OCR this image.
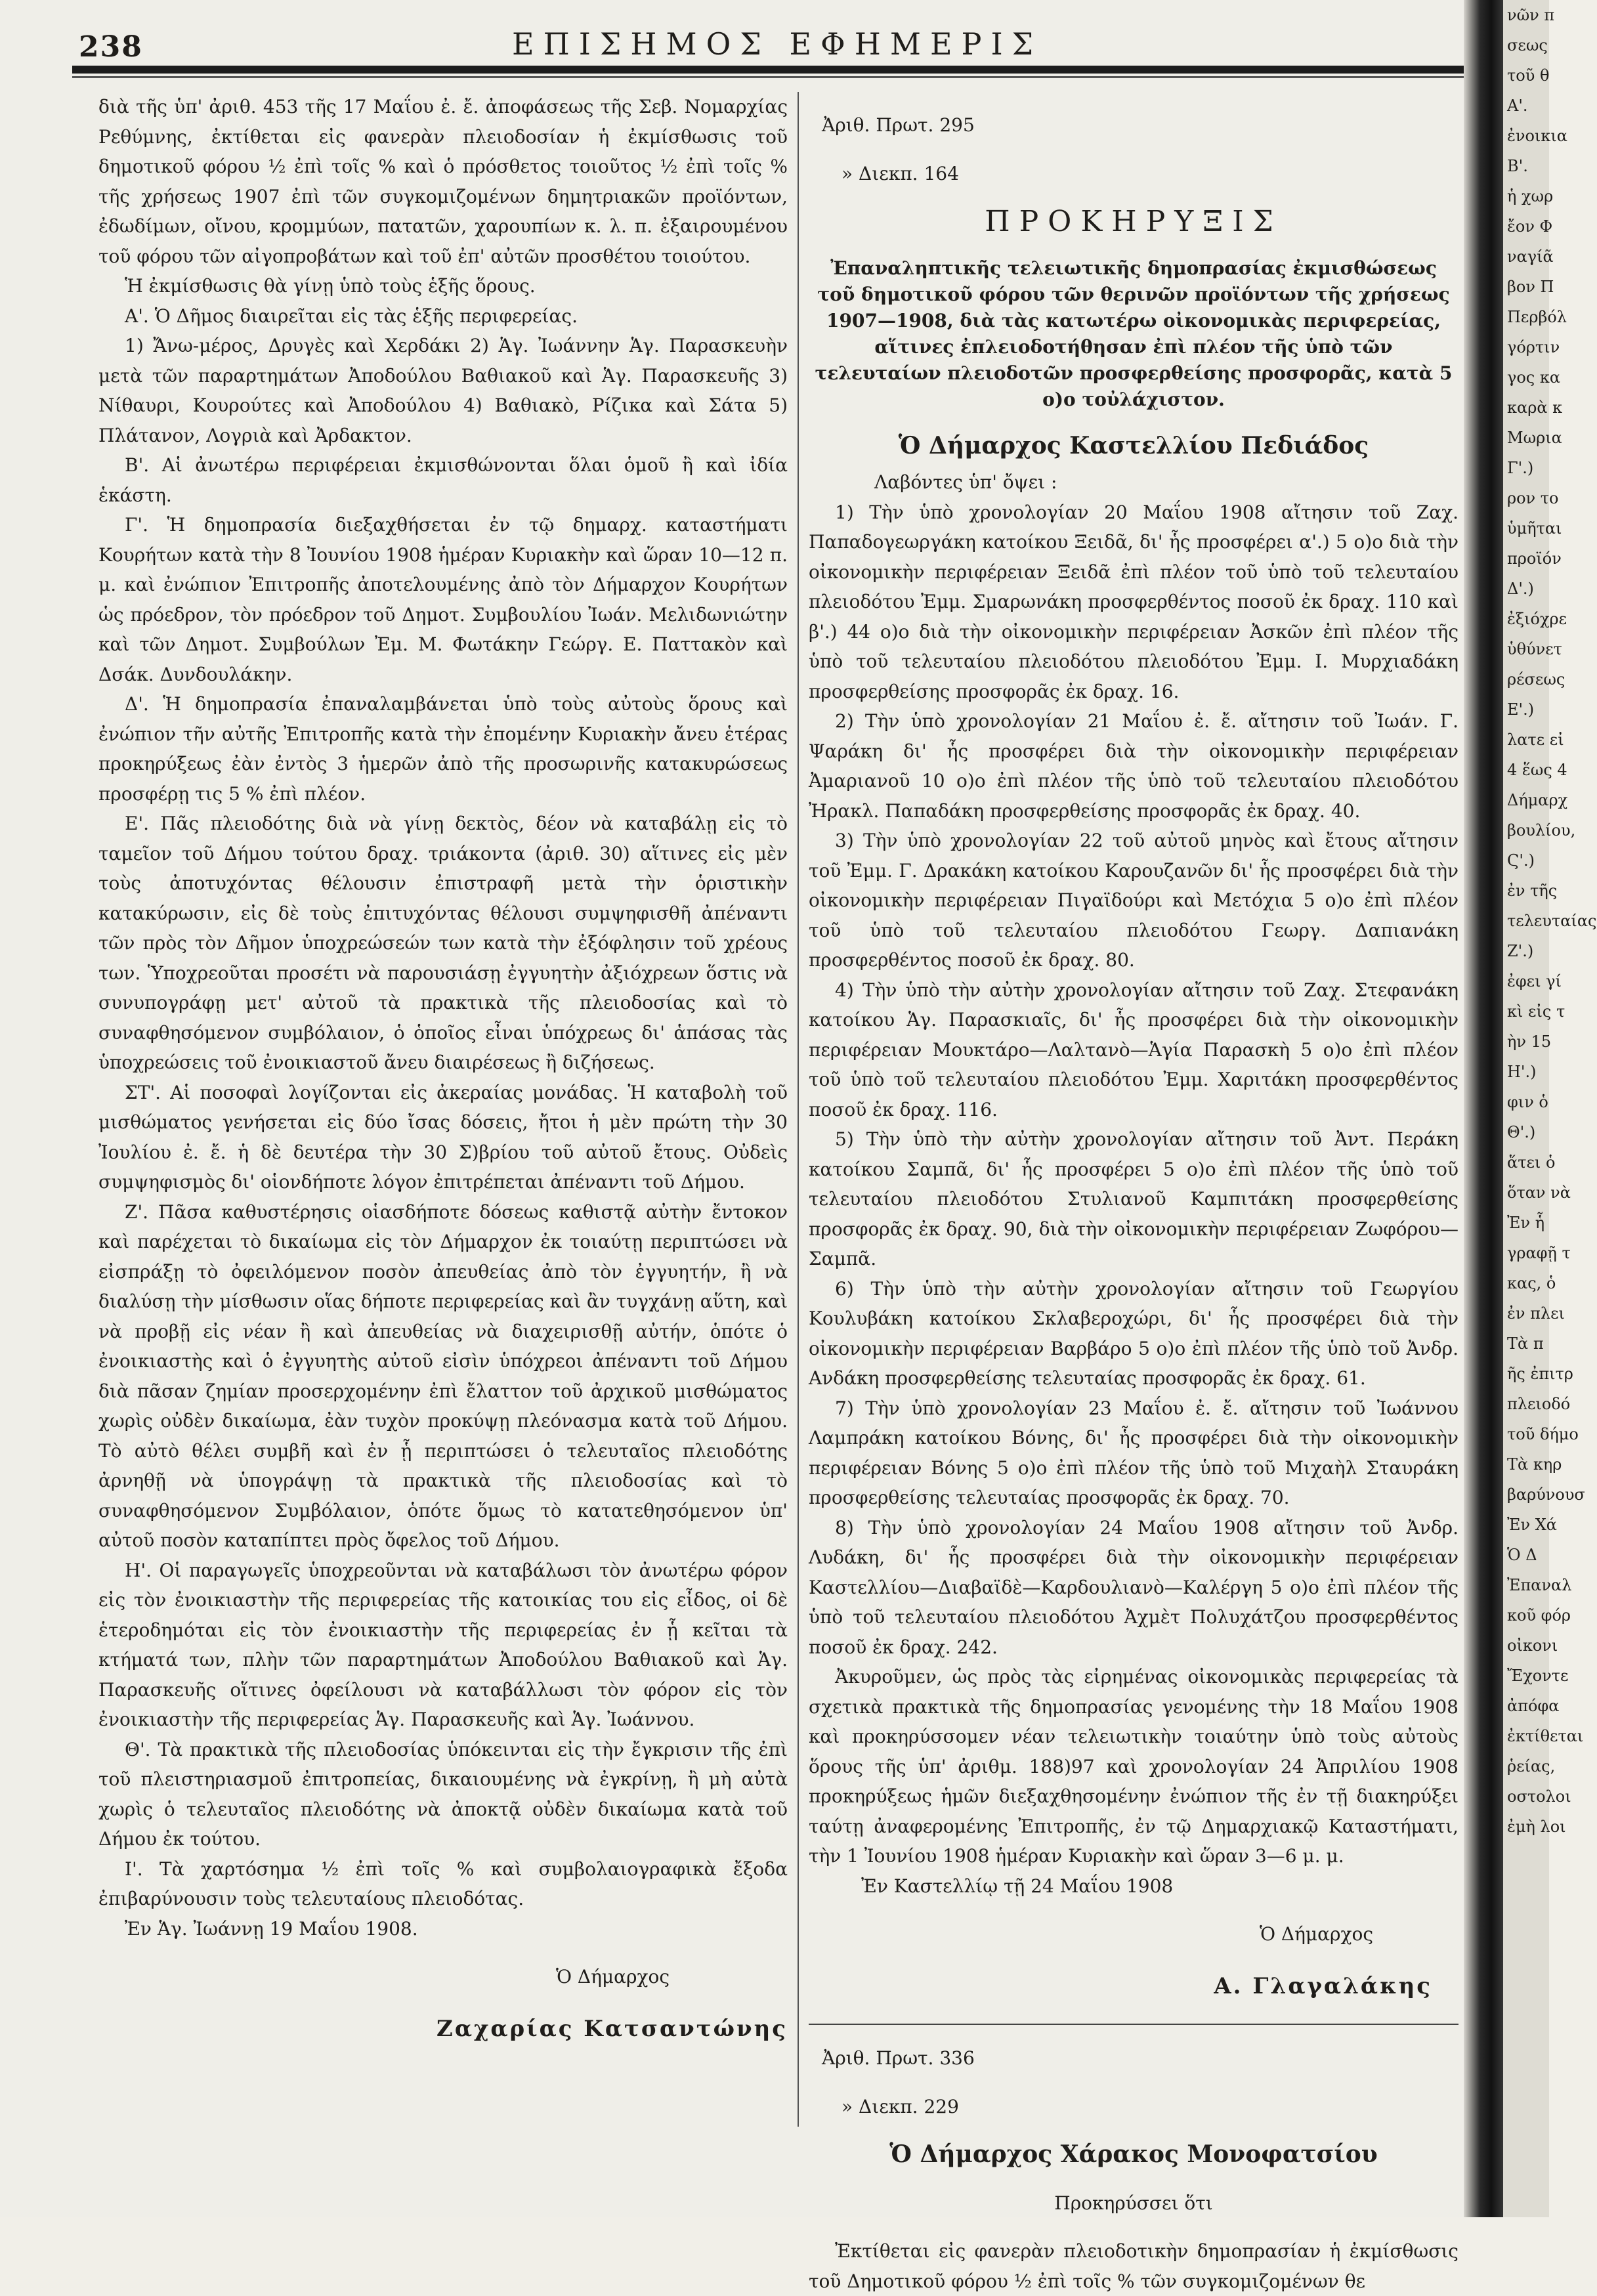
238	ΕΠΙΣΗΜΟΣ ΕΦΗΜΕΡΙΣ

διὰ τῆς ὑπ' ἀριθ. 453 τῆς 17 Μαΐου ἐ. ἔ. ἀποφάσεως τῆς Σεβ. Νομαρχίας Ρεθύμνης, ἐκτίθεται εἰς φανερὰν πλειοδοσίαν ἡ ἐκμίσθωσις τοῦ δημοτικοῦ φόρου ½ ἐπὶ τοῖς % καὶ ὁ πρόσθετος τοιοῦτος ½ ἐπὶ τοῖς % τῆς χρήσεως 1907 ἐπὶ τῶν συγκομιζομένων δημητριακῶν προϊόντων, ἐδωδίμων, οἴνου, κρομμύων, πατατῶν, χαρουπίων κ. λ. π. ἐξαιρουμένου τοῦ φόρου τῶν αἰγοπροβάτων καὶ τοῦ ἐπ' αὐτῶν προσθέτου τοιούτου.

Ἡ ἐκμίσθωσις θὰ γίνῃ ὑπὸ τοὺς ἑξῆς ὅρους.

Α'. Ὁ Δῆμος διαιρεῖται εἰς τὰς ἑξῆς περιφερείας.

1) Ἄνω-μέρος, Δρυγὲς καὶ Χερδάκι 2) Ἁγ. Ἰωάννην Ἁγ. Παρασκευὴν μετὰ τῶν παραρτημάτων Ἀποδούλου Βαθιακοῦ καὶ Ἁγ. Παρασκευῆς 3) Νίθαυρι, Κουρούτες καὶ Ἀποδούλου 4) Βαθιακὸ, Ρίζικα καὶ Σάτα 5) Πλάτανον, Λογριὰ καὶ Ἀρδακτον.

Β'. Αἱ ἀνωτέρω περιφέρειαι ἐκμισθώνονται ὅλαι ὁμοῦ ἢ καὶ ἰδία ἑκάστη.

Γ'. Ἡ δημοπρασία διεξαχθήσεται ἐν τῷ δημαρχ. καταστήματι Κουρήτων κατὰ τὴν 8 Ἰουνίου 1908 ἡμέραν Κυριακὴν καὶ ὥραν 10—12 π. μ. καὶ ἐνώπιον Ἐπιτροπῆς ἀποτελουμένης ἀπὸ τὸν Δήμαρχον Κουρήτων ὡς πρόεδρον, τὸν πρόεδρον τοῦ Δημοτ. Συμβουλίου Ἰωάν. Μελιδωνιώτην καὶ τῶν Δημοτ. Συμβούλων Ἐμ. Μ. Φωτάκην Γεώργ. Ε. Παττακὸν καὶ Δσάκ. Δυνδουλάκην.

Δ'. Ἡ δημοπρασία ἐπαναλαμβάνεται ὑπὸ τοὺς αὐτοὺς ὅρους καὶ ἐνώπιον τῆν αὐτῆς Ἐπιτροπῆς κατὰ τὴν ἐπομένην Κυριακὴν ἄνευ ἑτέρας προκηρύξεως ἐὰν ἐντὸς 3 ἡμερῶν ἀπὸ τῆς προσωρινῆς κατακυρώσεως προσφέρῃ τις 5 % ἐπὶ πλέον.

Ε'. Πᾶς πλειοδότης διὰ νὰ γίνῃ δεκτὸς, δέον νὰ καταβάλῃ εἰς τὸ ταμεῖον τοῦ Δήμου τούτου δραχ. τριάκοντα (ἀριθ. 30) αἵτινες εἰς μὲν τοὺς ἀποτυχόντας θέλουσιν ἐπιστραφῆ μετὰ τὴν ὁριστικὴν κατακύρωσιν, εἰς δὲ τοὺς ἐπιτυχόντας θέλουσι συμψηφισθῆ ἀπέναντι τῶν πρὸς τὸν Δῆμον ὑποχρεώσεών των κατὰ τὴν ἐξόφλησιν τοῦ χρέους των. Ὑποχρεοῦται προσέτι νὰ παρουσιάσῃ ἐγγυητὴν ἀξιόχρεων ὅστις νὰ συνυπογράφῃ μετ' αὐτοῦ τὰ πρακτικὰ τῆς πλειοδοσίας καὶ τὸ συναφθησόμενον συμβόλαιον, ὁ ὁποῖος εἶναι ὑπόχρεως δι' ἁπάσας τὰς ὑποχρεώσεις τοῦ ἐνοικιαστοῦ ἄνευ διαιρέσεως ἢ διζήσεως.

ΣΤ'. Αἱ ποσοφαὶ λογίζονται εἰς ἀκεραίας μονάδας. Ἡ καταβολὴ τοῦ μισθώματος γενήσεται εἰς δύο ἴσας δόσεις, ἤτοι ἡ μὲν πρώτη τὴν 30 Ἰουλίου ἐ. ἔ. ἡ δὲ δευτέρα τὴν 30 Σ)βρίου τοῦ αὐτοῦ ἔτους. Οὐδεὶς συμψηφισμὸς δι' οἱονδήποτε λόγον ἐπιτρέπεται ἀπέναντι τοῦ Δήμου.

Ζ'. Πᾶσα καθυστέρησις οἱασδήποτε δόσεως καθιστᾷ αὐτὴν ἔντοκον καὶ παρέχεται τὸ δικαίωμα εἰς τὸν Δήμαρχον ἐκ τοιαύτῃ περιπτώσει νὰ εἰσπράξῃ τὸ ὀφειλόμενον ποσὸν ἀπευθείας ἀπὸ τὸν ἐγγυητήν, ἢ νὰ διαλύσῃ τὴν μίσθωσιν οἵας δήποτε περιφερείας καὶ ἂν τυγχάνῃ αὕτη, καὶ νὰ προβῇ εἰς νέαν ἢ καὶ ἀπευθείας νὰ διαχειρισθῇ αὐτήν, ὁπότε ὁ ἐνοικιαστὴς καὶ ὁ ἐγγυητὴς αὐτοῦ εἰσὶν ὑπόχρεοι ἀπέναντι τοῦ Δήμου διὰ πᾶσαν ζημίαν προσερχομένην ἐπὶ ἔλαττον τοῦ ἀρχικοῦ μισθώματος χωρὶς οὐδὲν δικαίωμα, ἐὰν τυχὸν προκύψῃ πλεόνασμα κατὰ τοῦ Δήμου. Τὸ αὐτὸ θέλει συμβῆ καὶ ἐν ᾗ περιπτώσει ὁ τελευταῖος πλειοδότης ἀρνηθῇ νὰ ὑπογράψῃ τὰ πρακτικὰ τῆς πλειοδοσίας καὶ τὸ συναφθησόμενον Συμβόλαιον, ὁπότε ὅμως τὸ κατατεθησόμενον ὑπ' αὐτοῦ ποσὸν καταπίπτει πρὸς ὄφελος τοῦ Δήμου.

Η'. Οἱ παραγωγεῖς ὑποχρεοῦνται νὰ καταβάλωσι τὸν ἀνωτέρω φόρον εἰς τὸν ἐνοικιαστὴν τῆς περιφερείας τῆς κατοικίας του εἰς εἶδος, οἱ δὲ ἑτεροδημόται εἰς τὸν ἐνοικιαστὴν τῆς περιφερείας ἐν ᾗ κεῖται τὰ κτήματά των, πλὴν τῶν παραρτημάτων Ἀποδούλου Βαθιακοῦ καὶ Ἁγ. Παρασκευῆς οἵτινες ὀφείλουσι νὰ καταβάλλωσι τὸν φόρον εἰς τὸν ἐνοικιαστὴν τῆς περιφερείας Ἁγ. Παρασκευῆς καὶ Ἁγ. Ἰωάννου.

Θ'. Τὰ πρακτικὰ τῆς πλειοδοσίας ὑπόκεινται εἰς τὴν ἔγκρισιν τῆς ἐπὶ τοῦ πλειστηριασμοῦ ἐπιτροπείας, δικαιουμένης νὰ ἐγκρίνῃ, ἢ μὴ αὐτὰ χωρὶς ὁ τελευταῖος πλειοδότης νὰ ἀποκτᾷ οὐδὲν δικαίωμα κατὰ τοῦ Δήμου ἐκ τούτου.

Ι'. Τὰ χαρτόσημα ½ ἐπὶ τοῖς % καὶ συμβολαιογραφικὰ ἔξοδα ἐπιβαρύνουσιν τοὺς τελευταίους πλειοδότας.

Ἐν Ἁγ. Ἰωάννῃ 19 Μαΐου 1908.

Ὁ Δήμαρχος

Ζαχαρίας Κατσαντώνης

Ἀριθ. Πρωτ. 295

» Διεκπ. 164

ΠΡΟΚΗΡΥΞΙΣ

Ἐπαναληπτικῆς τελειωτικῆς δημοπρασίας ἐκμισθώσεως τοῦ δημοτικοῦ φόρου τῶν θερινῶν προϊόντων τῆς χρήσεως 1907—1908, διὰ τὰς κατωτέρω οἰκονομικὰς περιφερείας, αἵτινες ἐπλειοδοτήθησαν ἐπὶ πλέον τῆς ὑπὸ τῶν τελευταίων πλειοδοτῶν προσφερθείσης προσφορᾶς, κατὰ 5 ο)ο τοὐλάχιστον.

Ὁ Δήμαρχος Καστελλίου Πεδιάδος

Λαβόντες ὑπ' ὄψει :

1) Τὴν ὑπὸ χρονολογίαν 20 Μαΐου 1908 αἴτησιν τοῦ Ζαχ. Παπαδογεωργάκη κατοίκου Ξειδᾶ, δι' ἧς προσφέρει α'.) 5 ο)ο διὰ τὴν οἰκονομικὴν περιφέρειαν Ξειδᾶ ἐπὶ πλέον τοῦ ὑπὸ τοῦ τελευταίου πλειοδότου Ἐμμ. Σμαρωνάκη προσφερθέντος ποσοῦ ἐκ δραχ. 110 καὶ β'.) 44 ο)ο διὰ τὴν οἰκονομικὴν περιφέρειαν Ἀσκῶν ἐπὶ πλέον τῆς ὑπὸ τοῦ τελευταίου πλειοδότου πλειοδότου Ἐμμ. Ι. Μυρχιαδάκη προσφερθείσης προσφορᾶς ἐκ δραχ. 16.

2) Τὴν ὑπὸ χρονολογίαν 21 Μαΐου ἐ. ἔ. αἴτησιν τοῦ Ἰωάν. Γ. Ψαράκη δι' ἧς προσφέρει διὰ τὴν οἰκονομικὴν περιφέρειαν Ἀμαριανοῦ 10 ο)ο ἐπὶ πλέον τῆς ὑπὸ τοῦ τελευταίου πλειοδότου Ἠρακλ. Παπαδάκη προσφερθείσης προσφορᾶς ἐκ δραχ. 40.

3) Τὴν ὑπὸ χρονολογίαν 22 τοῦ αὐτοῦ μηνὸς καὶ ἔτους αἴτησιν τοῦ Ἐμμ. Γ. Δρακάκη κατοίκου Καρουζανῶν δι' ἧς προσφέρει διὰ τὴν οἰκονομικὴν περιφέρειαν Πιγαϊδούρι καὶ Μετόχια 5 ο)ο ἐπὶ πλέον τοῦ ὑπὸ τοῦ τελευταίου πλειοδότου Γεωργ. Δαπιανάκη προσφερθέντος ποσοῦ ἐκ δραχ. 80.

4) Τὴν ὑπὸ τὴν αὐτὴν χρονολογίαν αἴτησιν τοῦ Ζαχ. Στεφανάκη κατοίκου Ἁγ. Παρασκιαῖς, δι' ἧς προσφέρει διὰ τὴν οἰκονομικὴν περιφέρειαν Μουκτάρο—Λαλτανὸ—Ἁγία Παρασκὴ 5 ο)ο ἐπὶ πλέον τοῦ ὑπὸ τοῦ τελευταίου πλειοδότου Ἐμμ. Χαριτάκη προσφερθέντος ποσοῦ ἐκ δραχ. 116.

5) Τὴν ὑπὸ τὴν αὐτὴν χρονολογίαν αἴτησιν τοῦ Ἀντ. Περάκη κατοίκου Σαμπᾶ, δι' ἧς προσφέρει 5 ο)ο ἐπὶ πλέον τῆς ὑπὸ τοῦ τελευταίου πλειοδότου Στυλιανοῦ Καμπιτάκη προσφερθείσης προσφορᾶς ἐκ δραχ. 90, διὰ τὴν οἰκονομικὴν περιφέρειαν Ζωφόρου—Σαμπᾶ.

6) Τὴν ὑπὸ τὴν αὐτὴν χρονολογίαν αἴτησιν τοῦ Γεωργίου Κουλυβάκη κατοίκου Σκλαβεροχώρι, δι' ἧς προσφέρει διὰ τὴν οἰκονομικὴν περιφέρειαν Βαρβάρο 5 ο)ο ἐπὶ πλέον τῆς ὑπὸ τοῦ Ἀνδρ. Ανδάκη προσφερθείσης τελευταίας προσφορᾶς ἐκ δραχ. 61.

7) Τὴν ὑπὸ χρονολογίαν 23 Μαΐου ἐ. ἔ. αἴτησιν τοῦ Ἰωάννου Λαμπράκη κατοίκου Βόνης, δι' ἧς προσφέρει διὰ τὴν οἰκονομικὴν περιφέρειαν Βόνης 5 ο)ο ἐπὶ πλέον τῆς ὑπὸ τοῦ Μιχαὴλ Σταυράκη προσφερθείσης τελευταίας προσφορᾶς ἐκ δραχ. 70.

8) Τὴν ὑπὸ χρονολογίαν 24 Μαΐου 1908 αἴτησιν τοῦ Ἀνδρ. Λυδάκη, δι' ἧς προσφέρει διὰ τὴν οἰκονομικὴν περιφέρειαν Καστελλίου—Διαβαϊδὲ—Καρδουλιανὸ—Καλέργη 5 ο)ο ἐπὶ πλέον τῆς ὑπὸ τοῦ τελευταίου πλειοδότου Ἀχμὲτ Πολυχάτζου προσφερθέντος ποσοῦ ἐκ δραχ. 242.

Ἀκυροῦμεν, ὡς πρὸς τὰς εἰρημένας οἰκονομικὰς περιφερείας τὰ σχετικὰ πρακτικὰ τῆς δημοπρασίας γενομένης τὴν 18 Μαΐου 1908 καὶ προκηρύσσομεν νέαν τελειωτικὴν τοιαύτην ὑπὸ τοὺς αὐτοὺς ὅρους τῆς ὑπ' ἀριθμ. 188)97 καὶ χρονολογίαν 24 Ἀπριλίου 1908 προκηρύξεως ἡμῶν διεξαχθησομένην ἐνώπιον τῆς ἐν τῇ διακηρύξει ταύτῃ ἀναφερομένης Ἐπιτροπῆς, ἐν τῷ Δημαρχιακῷ Καταστήματι, τὴν 1 Ἰουνίου 1908 ἡμέραν Κυριακὴν καὶ ὥραν 3—6 μ. μ.

Ἐν Καστελλίῳ τῇ 24 Μαΐου 1908

Ὁ Δήμαρχος

Α. Γλαγαλάκης

Ἀριθ. Πρωτ. 336

» Διεκπ. 229

Ὁ Δήμαρχος Χάρακος Μονοφατσίου

Προκηρύσσει ὅτι

Ἐκτίθεται εἰς φανερὰν πλειοδοτικὴν δημοπρασίαν ἡ ἐκμίσθωσις τοῦ Δημοτικοῦ φόρου ½ ἐπὶ τοῖς % τῶν συγκομιζομένων θε

νῶν π
σεως
τοῦ θ
Α'.
ἐνοικια
Β'.
ἡ χωρ
ἔον Φ
ναγίᾶ
βον Π
Περβόλ
γόρτιν
γος κα
καρὰ κ
Μωρια
Γ'.)
ρον το
ὑμῆται
προϊόν
Δ'.)
ἐξιόχρε
ὑθύνετ
ρέσεως
Ε'.)
λατε εἰ
4 ἕως 4
Δήμαρχ
βουλίου,
Ϛ'.)
ἐν τῆς
τελευταίας
Ζ'.)
ἐφει γί
κὶ εἰς τ
ὴν 15
Η'.)
φιν ὁ
Θ'.)
ἅτει ὁ
ὅταν νὰ
Ἐν ἧ
γραφῇ τ
κας, ὁ
ἐν πλει
Τὰ π
ῆς ἐπιτρ
πλειοδό
τοῦ δήμο
Τὰ κηρ
βαρύνουσ
Ἐν Χά
Ὁ Δ
Ἐπαναλ
κοῦ φόρ
οἰκονι
Ἔχοντε
ἀπόφα
ἐκτίθεται
ῥείας,
οστολοι
ἐμὴ λοι
